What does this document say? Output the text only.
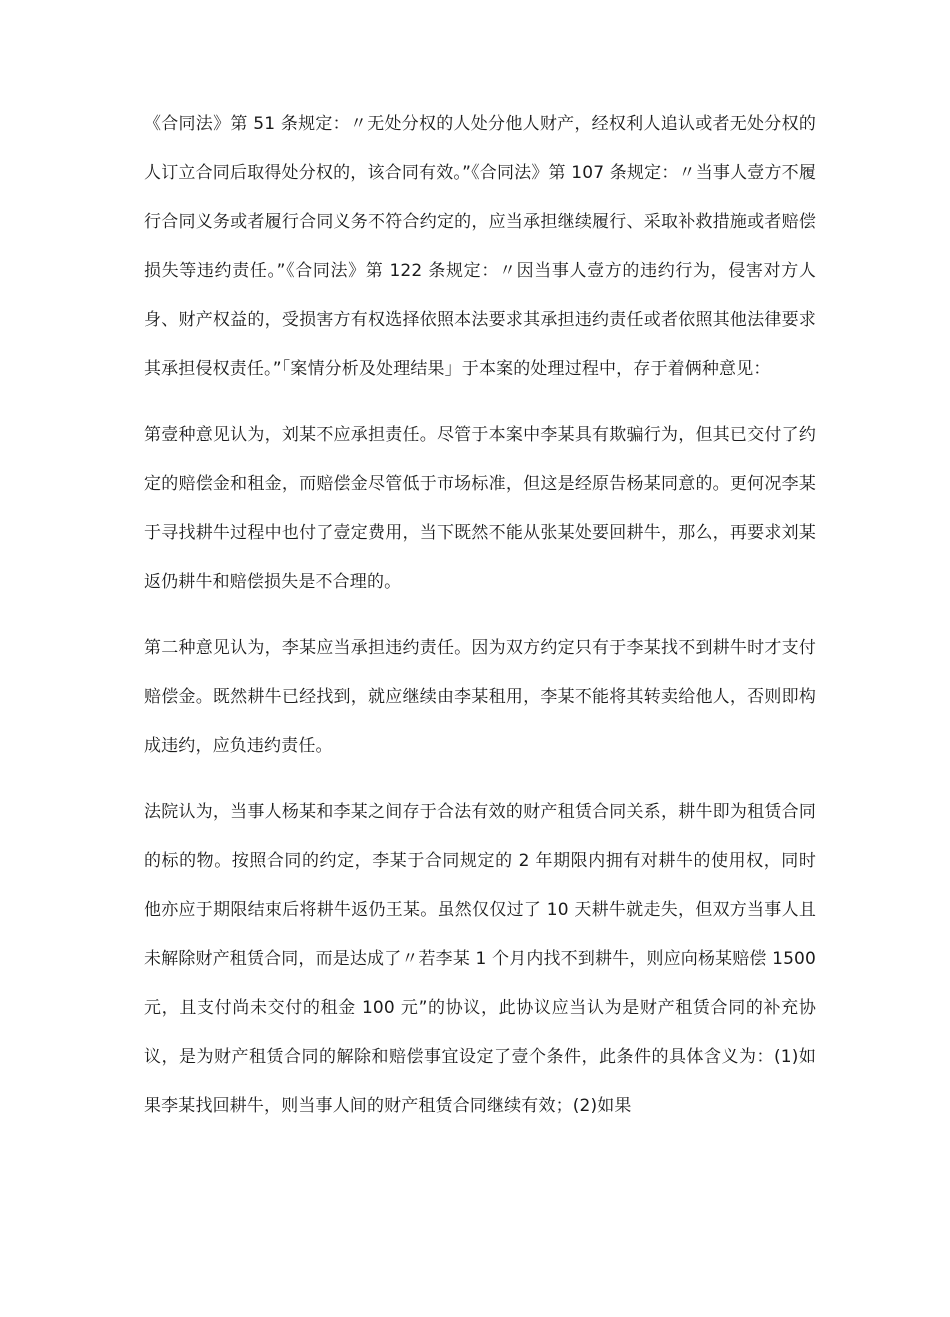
《合同法》第 51 条规定：〃无处分权的人处分他人财产，经权利人追认或者无处分权的人订立合同后取得处分权的，该合同有效。”《合同法》第 107 条规定：〃当事人壹方不履行合同义务或者履行合同义务不符合约定的，应当承担继续履行、采取补救措施或者赔偿损失等违约责任。”《合同法》第 122 条规定：〃因当事人壹方的违约行为，侵害对方人身、财产权益的，受损害方有权选择依照本法要求其承担违约责任或者依照其他法律要求其承担侵权责任。”「案情分析及处理结果」于本案的处理过程中，存于着俩种意见：

第壹种意见认为，刘某不应承担责任。尽管于本案中李某具有欺骗行为，但其已交付了约定的赔偿金和租金，而赔偿金尽管低于市场标准，但这是经原告杨某同意的。更何况李某于寻找耕牛过程中也付了壹定费用，当下既然不能从张某处要回耕牛，那么，再要求刘某返仍耕牛和赔偿损失是不合理的。

第二种意见认为，李某应当承担违约责任。因为双方约定只有于李某找不到耕牛时才支付赔偿金。既然耕牛已经找到，就应继续由李某租用，李某不能将其转卖给他人，否则即构成违约，应负违约责任。

法院认为，当事人杨某和李某之间存于合法有效的财产租赁合同关系，耕牛即为租赁合同的标的物。按照合同的约定，李某于合同规定的 2 年期限内拥有对耕牛的使用权，同时他亦应于期限结束后将耕牛返仍王某。虽然仅仅过了 10 天耕牛就走失，但双方当事人且未解除财产租赁合同，而是达成了〃若李某 1 个月内找不到耕牛，则应向杨某赔偿 1500 元，且支付尚未交付的租金 100 元”的协议，此协议应当认为是财产租赁合同的补充协议，是为财产租赁合同的解除和赔偿事宜设定了壹个条件，此条件的具体含义为：(1)如果李某找回耕牛，则当事人间的财产租赁合同继续有效；(2)如果
